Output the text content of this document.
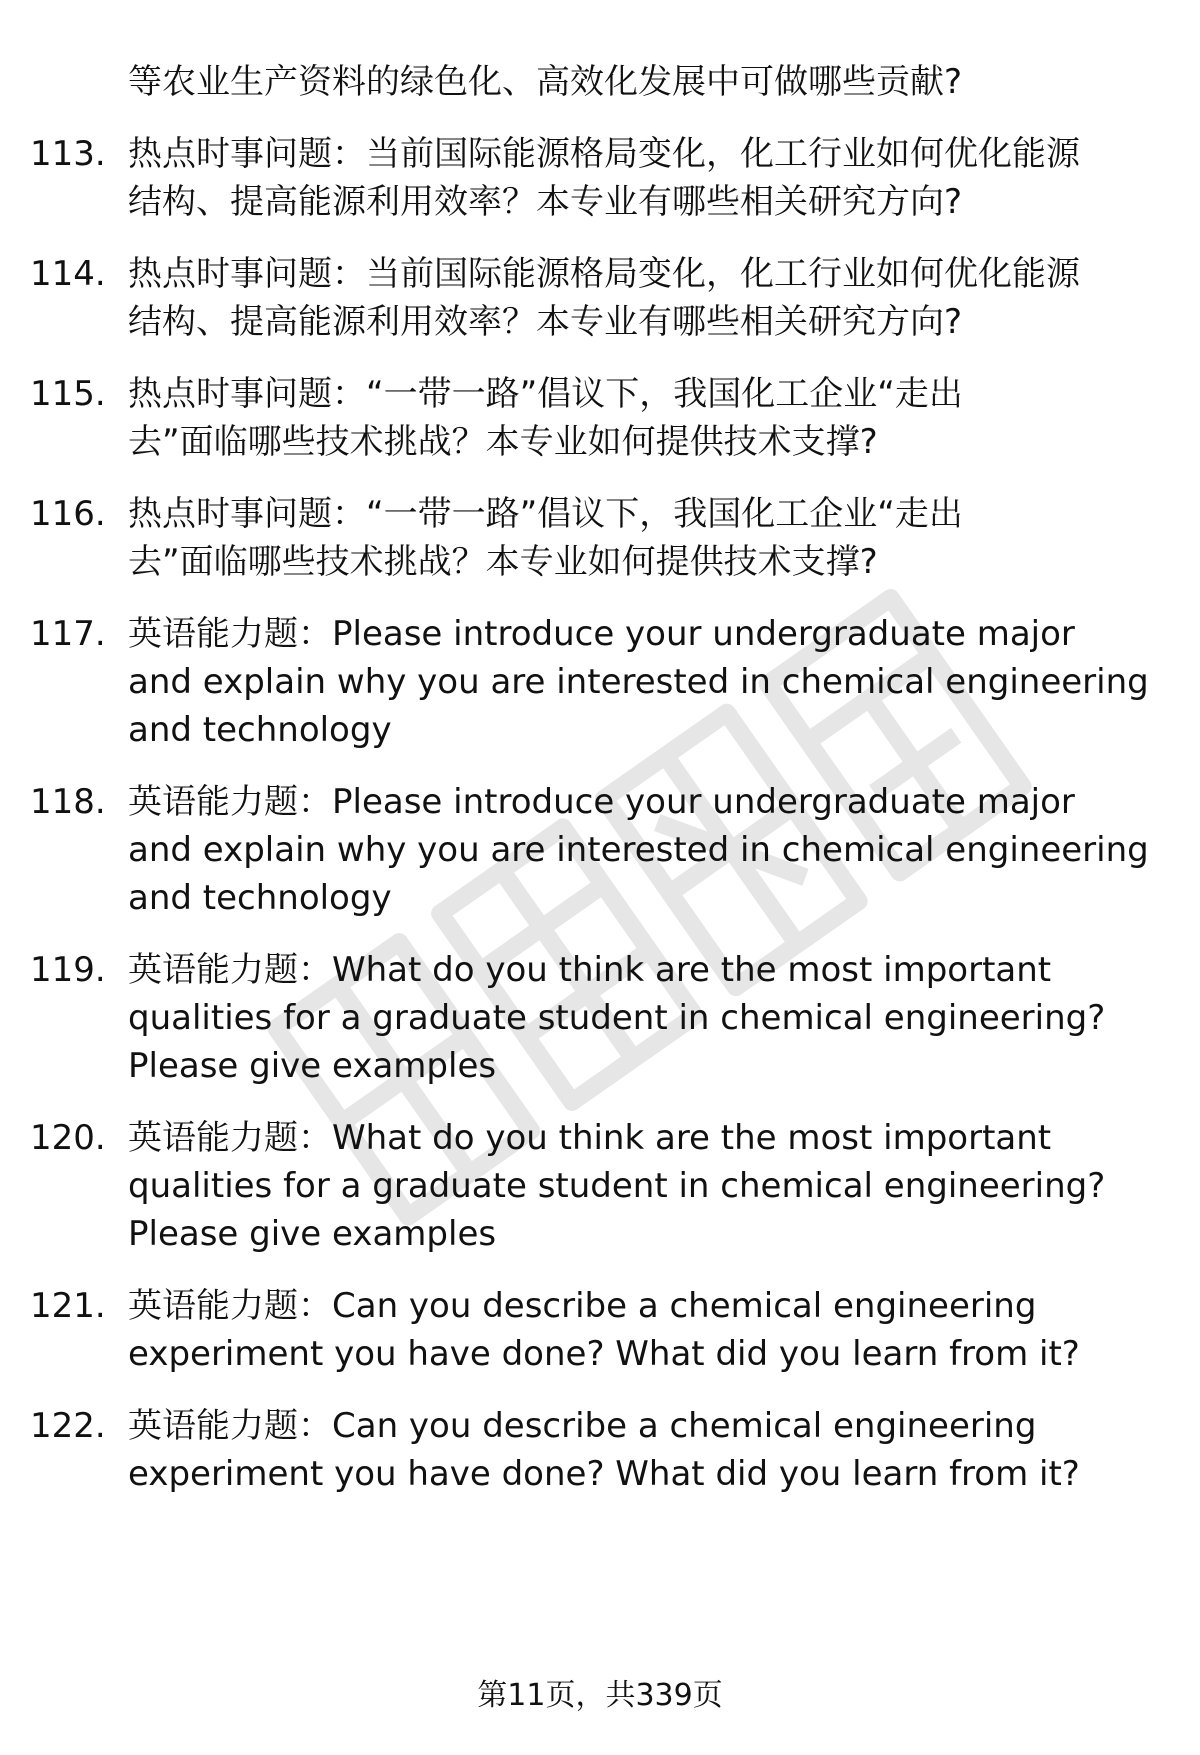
等农业生产资料的绿色化、高效化发展中可做哪些贡献?
113. 热点时事问题：当前国际能源格局变化，化工行业如何优化能源
结构、提高能源利用效率？本专业有哪些相关研究方向?
114. 热点时事问题：当前国际能源格局变化，化工行业如何优化能源
结构、提高能源利用效率？本专业有哪些相关研究方向?
115. 热点时事问题：“一带一路”倡议下，我国化工企业“走出
去”面临哪些技术挑战？本专业如何提供技术支撑?
116. 热点时事问题：“一带一路”倡议下，我国化工企业“走出
去”面临哪些技术挑战？本专业如何提供技术支撑?
117. 英语能力题：Please introduce your undergraduate major
and explain why you are interested in chemical engineering
and technology
118. 英语能力题：Please introduce your undergraduate major
and explain why you are interested in chemical engineering
and technology
119. 英语能力题：What do you think are the most important
qualities for a graduate student in chemical engineering?
Please give examples
120. 英语能力题：What do you think are the most important
qualities for a graduate student in chemical engineering?
Please give examples
121. 英语能力题：Can you describe a chemical engineering
experiment you have done? What did you learn from it?
122. 英语能力题：Can you describe a chemical engineering
experiment you have done? What did you learn from it?
第11页，共339页
